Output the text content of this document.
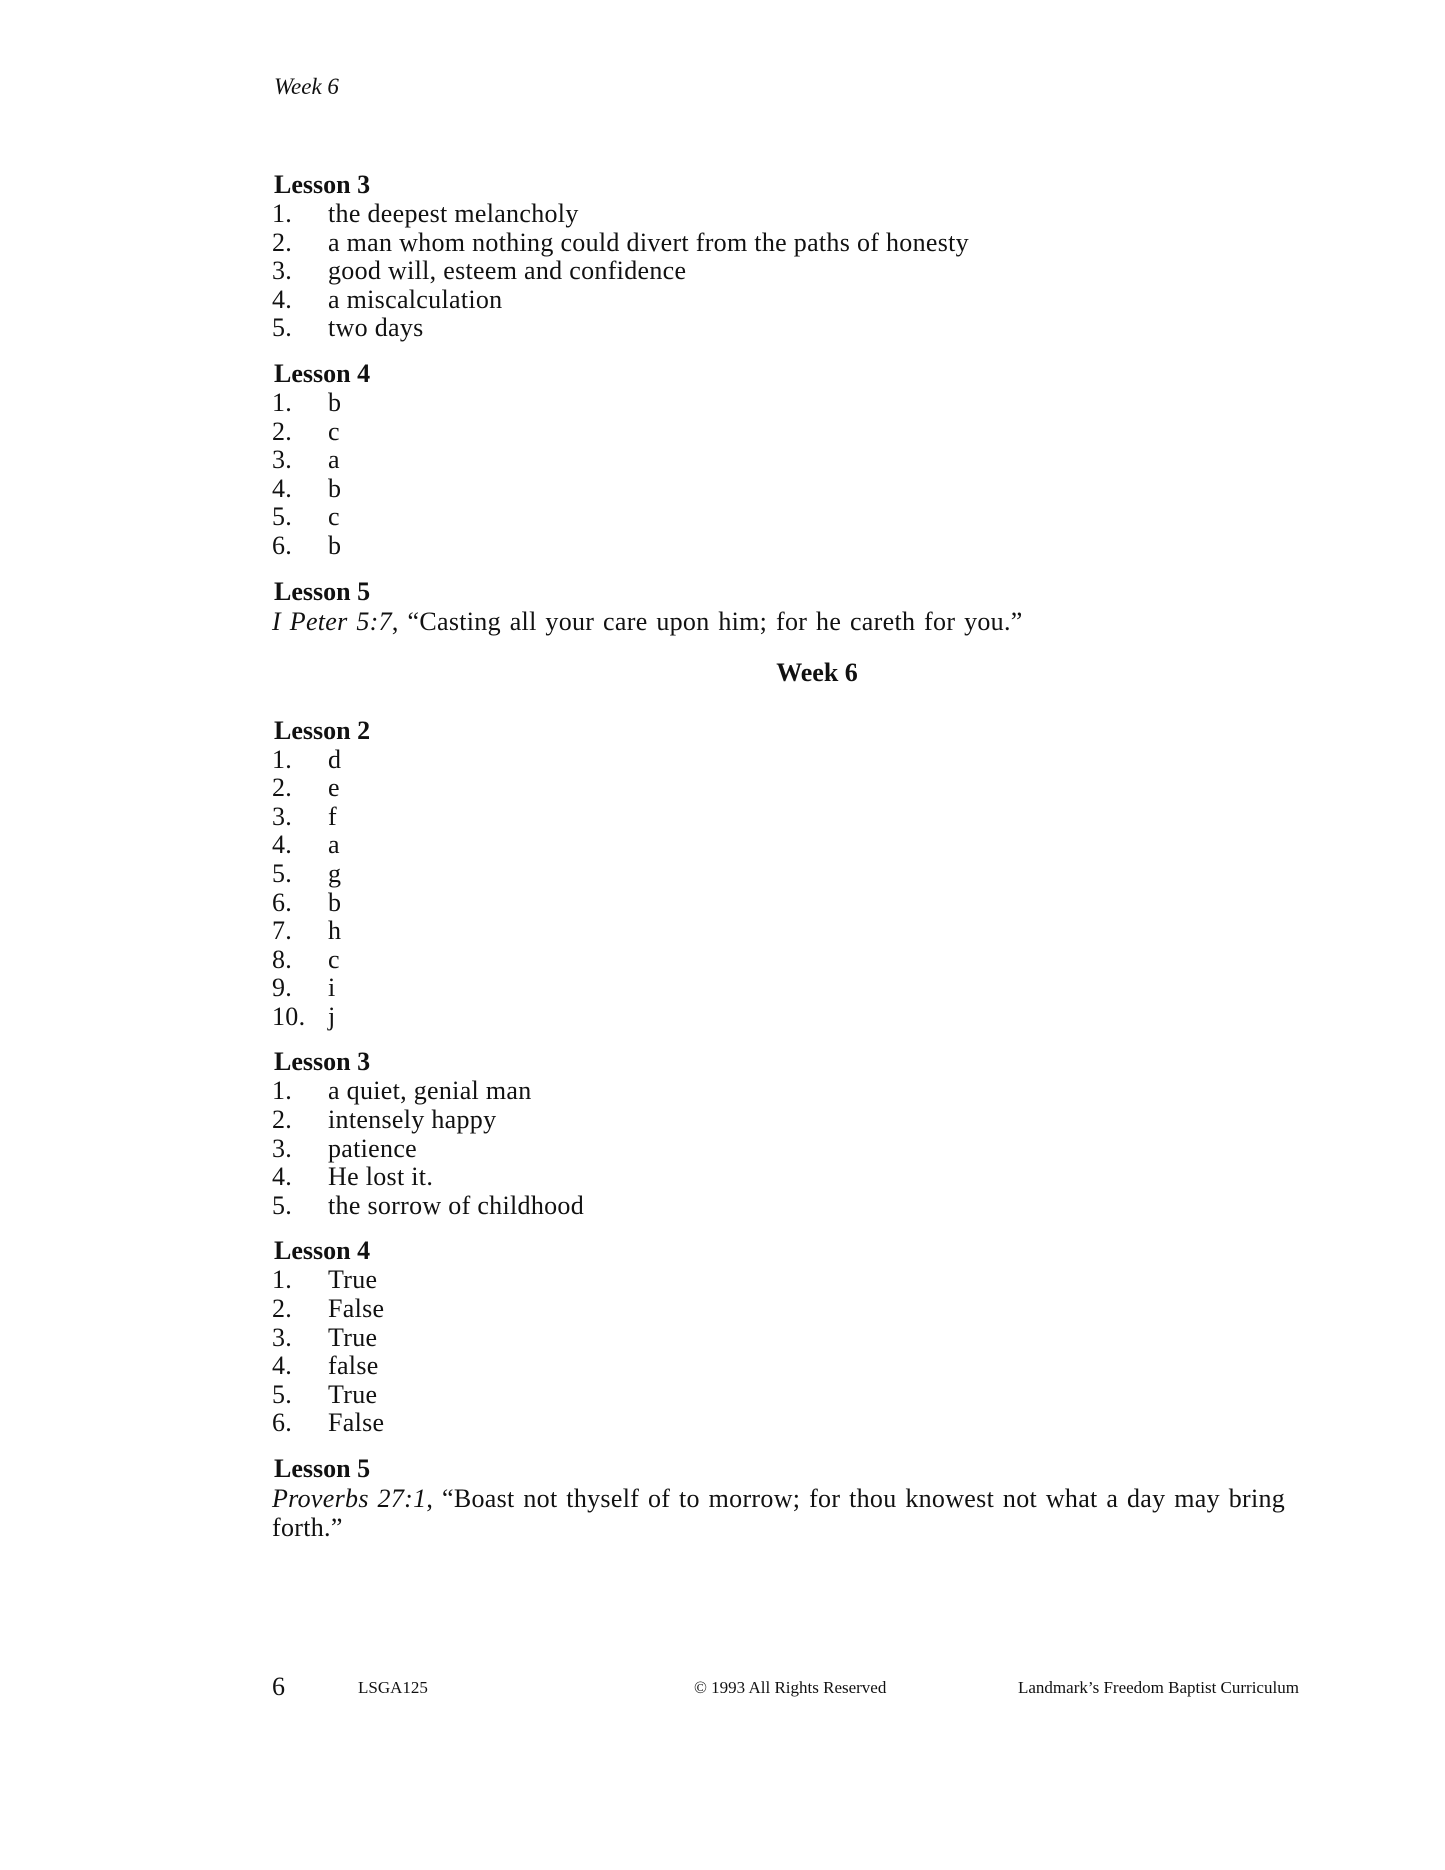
Week 6
Lesson 3
1.	the deepest melancholy
2.	a man whom nothing could divert from the paths of honesty
3.	good will, esteem and confidence
4.	a miscalculation
5.	two days
Lesson 4
1.	b
2.	c
3.	a
4.	b
5.	c
6.	b
Lesson 5

I Peter 5:7, “Casting all your care upon him; for he careth for you.”

Week 6
Lesson 2
1.	d
2.	e
3.	f
4.	a
5.	g
6.	b
7.	h
8.	c
9.	i
10. j
Lesson 3
1.	a quiet, genial man
2.	intensely happy
3.	patience
4.	He lost it.
5.	the sorrow of childhood
Lesson 4
1.	True
2.	False
3.	True
4.	false
5.	True
6.	False
Lesson 5

Proverbs 27:1, “Boast not thyself of to morrow; for thou knowest not what a day may bring forth.”

6	LSGA125	© 1993 All Rights Reserved	Landmark’s Freedom Baptist Curriculum
